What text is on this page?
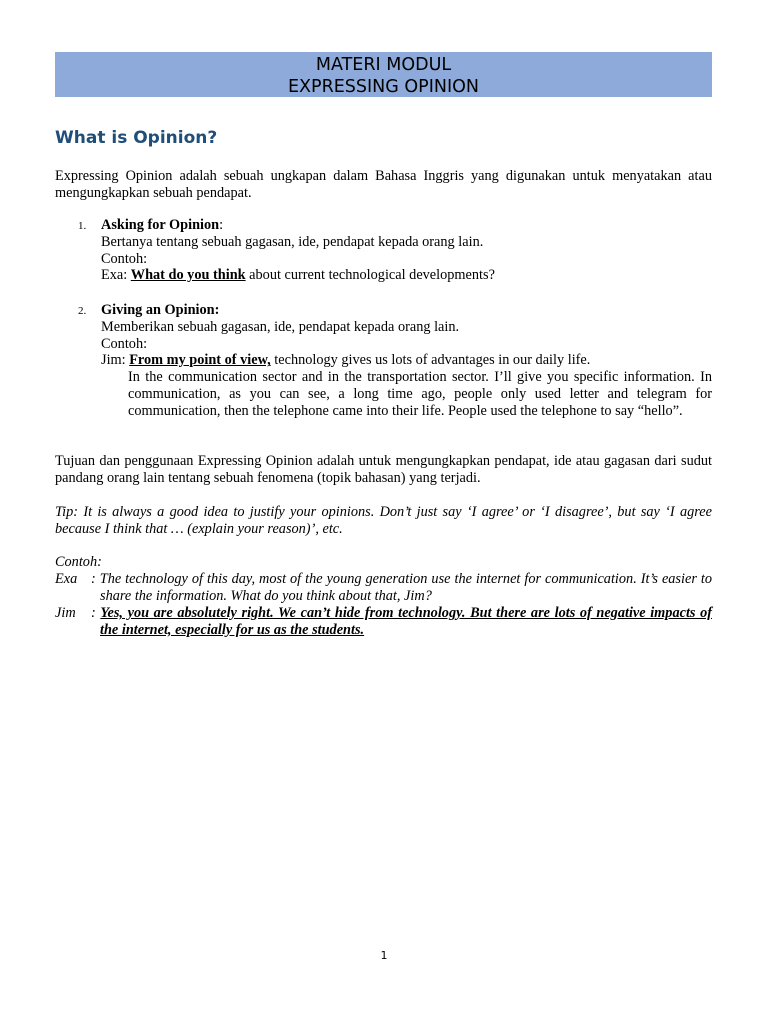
MATERI MODUL
EXPRESSING OPINION
What is Opinion?
Expressing Opinion adalah sebuah ungkapan dalam Bahasa Inggris yang digunakan untuk menyatakan atau mengungkapkan sebuah pendapat.
1. Asking for Opinion:
Bertanya tentang sebuah gagasan, ide, pendapat kepada orang lain.
Contoh:
Exa: What do you think about current technological developments?
2. Giving an Opinion:
Memberikan sebuah gagasan, ide, pendapat kepada orang lain.
Contoh:
Jim: From my point of view, technology gives us lots of advantages in our daily life.
In the communication sector and in the transportation sector. I’ll give you specific information. In communication, as you can see, a long time ago, people only used letter and telegram for communication, then the telephone came into their life. People used the telephone to say “hello”.
Tujuan dan penggunaan Expressing Opinion adalah untuk mengungkapkan pendapat, ide atau gagasan dari sudut pandang orang lain tentang sebuah fenomena (topik bahasan) yang terjadi.
Tip: It is always a good idea to justify your opinions. Don’t just say ‘I agree’ or ‘I disagree’, but say ‘I agree because I think that … (explain your reason)’, etc.
Contoh:
Exa : The technology of this day, most of the young generation use the internet for communication. It’s easier to share the information. What do you think about that, Jim?
Jim : Yes, you are absolutely right. We can’t hide from technology. But there are lots of negative impacts of the internet, especially for us as the students.
1
